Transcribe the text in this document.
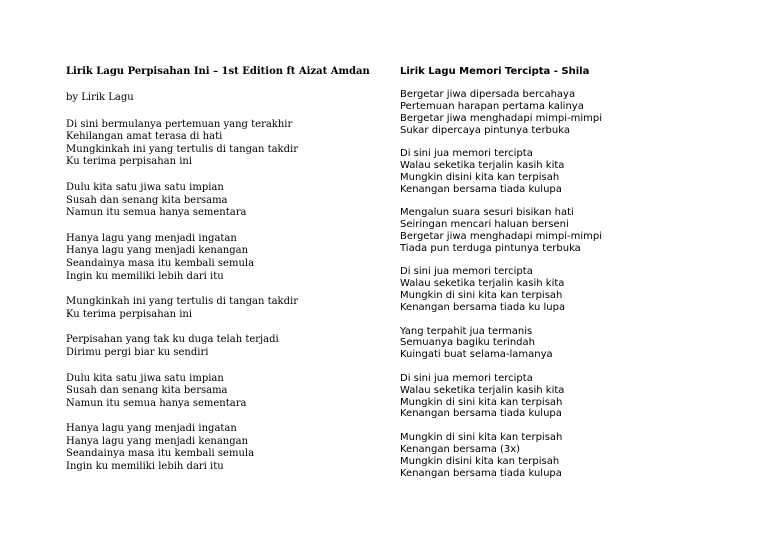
Lirik Lagu Perpisahan Ini – 1st Edition ft Aizat Amdan
by Lirik Lagu
Di sini bermulanya pertemuan yang terakhir
Kehilangan amat terasa di hati
Mungkinkah ini yang tertulis di tangan takdir
Ku terima perpisahan ini
Dulu kita satu jiwa satu impian
Susah dan senang kita bersama
Namun itu semua hanya sementara
Hanya lagu yang menjadi ingatan
Hanya lagu yang menjadi kenangan
Seandainya masa itu kembali semula
Ingin ku memiliki lebih dari itu
Mungkinkah ini yang tertulis di tangan takdir
Ku terima perpisahan ini
Perpisahan yang tak ku duga telah terjadi
Dirimu pergi biar ku sendiri
Dulu kita satu jiwa satu impian
Susah dan senang kita bersama
Namun itu semua hanya sementara
Hanya lagu yang menjadi ingatan
Hanya lagu yang menjadi kenangan
Seandainya masa itu kembali semula
Ingin ku memiliki lebih dari itu
Lirik Lagu Memori Tercipta - Shila
Bergetar jiwa dipersada bercahaya
Pertemuan harapan pertama kalinya
Bergetar jiwa menghadapi mimpi-mimpi
Sukar dipercaya pintunya terbuka
Di sini jua memori tercipta
Walau seketika terjalin kasih kita
Mungkin disini kita kan terpisah
Kenangan bersama tiada kulupa
Mengalun suara sesuri bisikan hati
Seiringan mencari haluan berseni
Bergetar jiwa menghadapi mimpi-mimpi
Tiada pun terduga pintunya terbuka
Di sini jua memori tercipta
Walau seketika terjalin kasih kita
Mungkin di sini kita kan terpisah
Kenangan bersama tiada ku lupa
Yang terpahit jua termanis
Semuanya bagiku terindah
Kuingati buat selama-lamanya
Di sini jua memori tercipta
Walau seketika terjalin kasih kita
Mungkin di sini kita kan terpisah
Kenangan bersama tiada kulupa
Mungkin di sini kita kan terpisah
Kenangan bersama (3x)
Mungkin disini kita kan terpisah
Kenangan bersama tiada kulupa
